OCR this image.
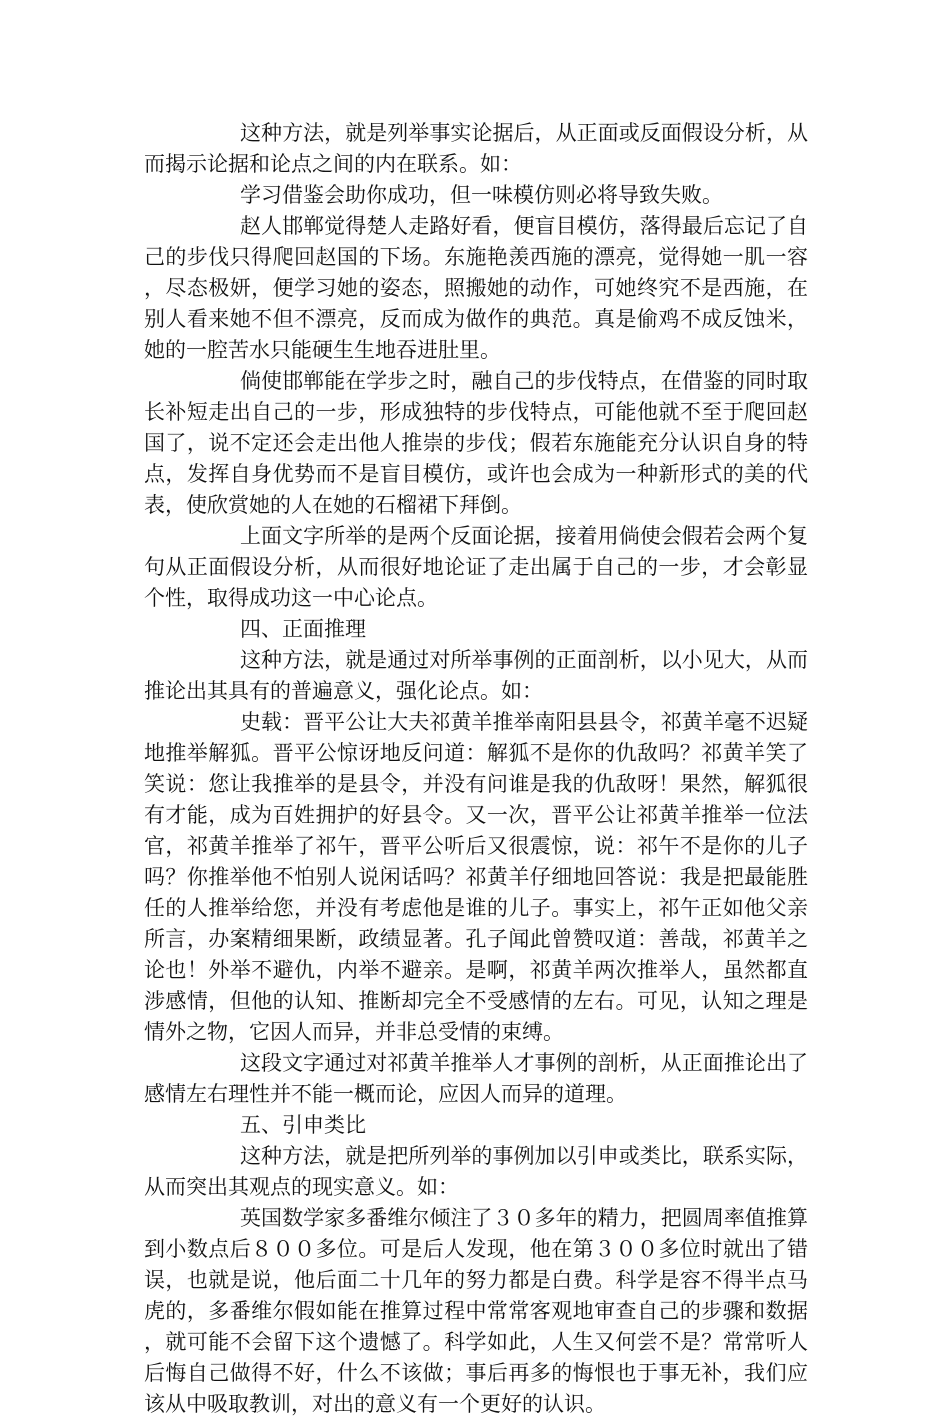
这种方法，就是列举事实论据后，从正面或反面假设分析，从而揭示论据和论点之间的内在联系。如：

学习借鉴会助你成功，但一味模仿则必将导致失败。

赵人邯郸觉得楚人走路好看，便盲目模仿，落得最后忘记了自己的步伐只得爬回赵国的下场。东施艳羡西施的漂亮，觉得她一肌一容，尽态极妍，便学习她的姿态，照搬她的动作，可她终究不是西施，在别人看来她不但不漂亮，反而成为做作的典范。真是偷鸡不成反蚀米，她的一腔苦水只能硬生生地吞进肚里。

倘使邯郸能在学步之时，融自己的步伐特点，在借鉴的同时取长补短走出自己的一步，形成独特的步伐特点，可能他就不至于爬回赵国了，说不定还会走出他人推崇的步伐；假若东施能充分认识自身的特点，发挥自身优势而不是盲目模仿，或许也会成为一种新形式的美的代表，使欣赏她的人在她的石榴裙下拜倒。

上面文字所举的是两个反面论据，接着用倘使会假若会两个复句从正面假设分析，从而很好地论证了走出属于自己的一步，才会彰显个性，取得成功这一中心论点。

四、正面推理

这种方法，就是通过对所举事例的正面剖析，以小见大，从而推论出其具有的普遍意义，强化论点。如：

史载：晋平公让大夫祁黄羊推举南阳县县令，祁黄羊毫不迟疑地推举解狐。晋平公惊讶地反问道：解狐不是你的仇敌吗？祁黄羊笑了笑说：您让我推举的是县令，并没有问谁是我的仇敌呀！果然，解狐很有才能，成为百姓拥护的好县令。又一次，晋平公让祁黄羊推举一位法官，祁黄羊推举了祁午，晋平公听后又很震惊，说：祁午不是你的儿子吗？你推举他不怕别人说闲话吗？祁黄羊仔细地回答说：我是把最能胜任的人推举给您，并没有考虑他是谁的儿子。事实上，祁午正如他父亲所言，办案精细果断，政绩显著。孔子闻此曾赞叹道：善哉，祁黄羊之论也！外举不避仇，内举不避亲。是啊，祁黄羊两次推举人，虽然都直涉感情，但他的认知、推断却完全不受感情的左右。可见，认知之理是情外之物，它因人而异，并非总受情的束缚。

这段文字通过对祁黄羊推举人才事例的剖析，从正面推论出了感情左右理性并不能一概而论，应因人而异的道理。

五、引申类比

这种方法，就是把所列举的事例加以引申或类比，联系实际，从而突出其观点的现实意义。如：

英国数学家多番维尔倾注了３０多年的精力，把圆周率值推算到小数点后８００多位。可是后人发现，他在第３００多位时就出了错误，也就是说，他后面二十几年的努力都是白费。科学是容不得半点马虎的，多番维尔假如能在推算过程中常常客观地审查自己的步骤和数据，就可能不会留下这个遗憾了。科学如此，人生又何尝不是？常常听人后悔自己做得不好，什么不该做；事后再多的悔恨也于事无补，我们应该从中吸取教训，对出的意义有一个更好的认识。
